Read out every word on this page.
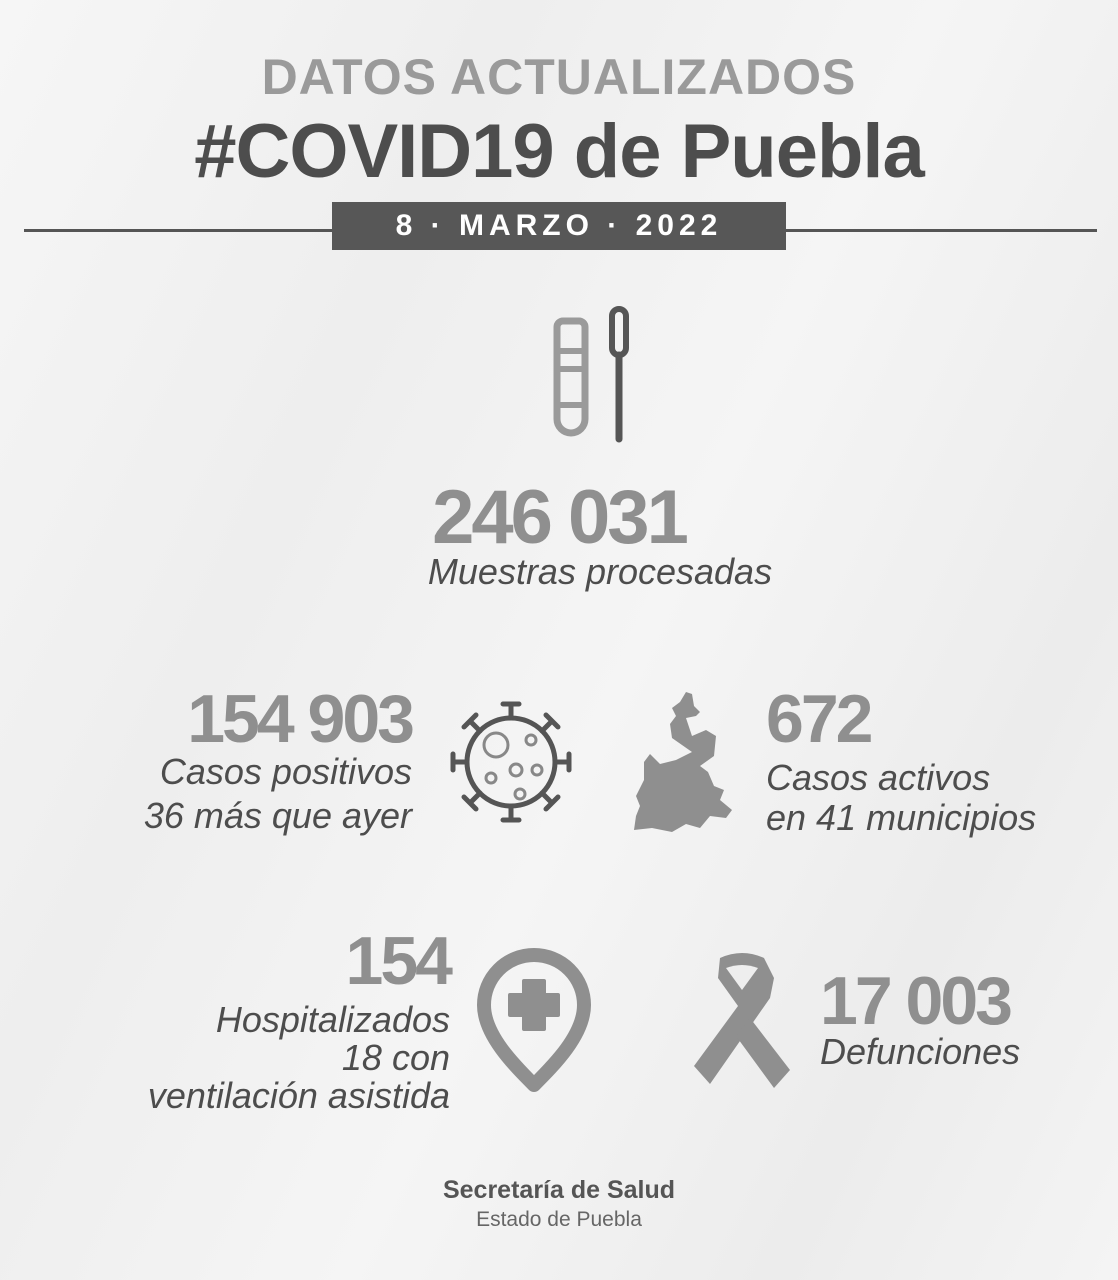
DATOS ACTUALIZADOS
#COVID19 de Puebla
8 · MARZO · 2022
246 031
Muestras procesadas
154 903
Casos positivos
36 más que ayer
672
Casos activos
en 41 municipios
154
Hospitalizados
18 con
ventilación asistida
17 003
Defunciones
Secretaría de Salud
Estado de Puebla
